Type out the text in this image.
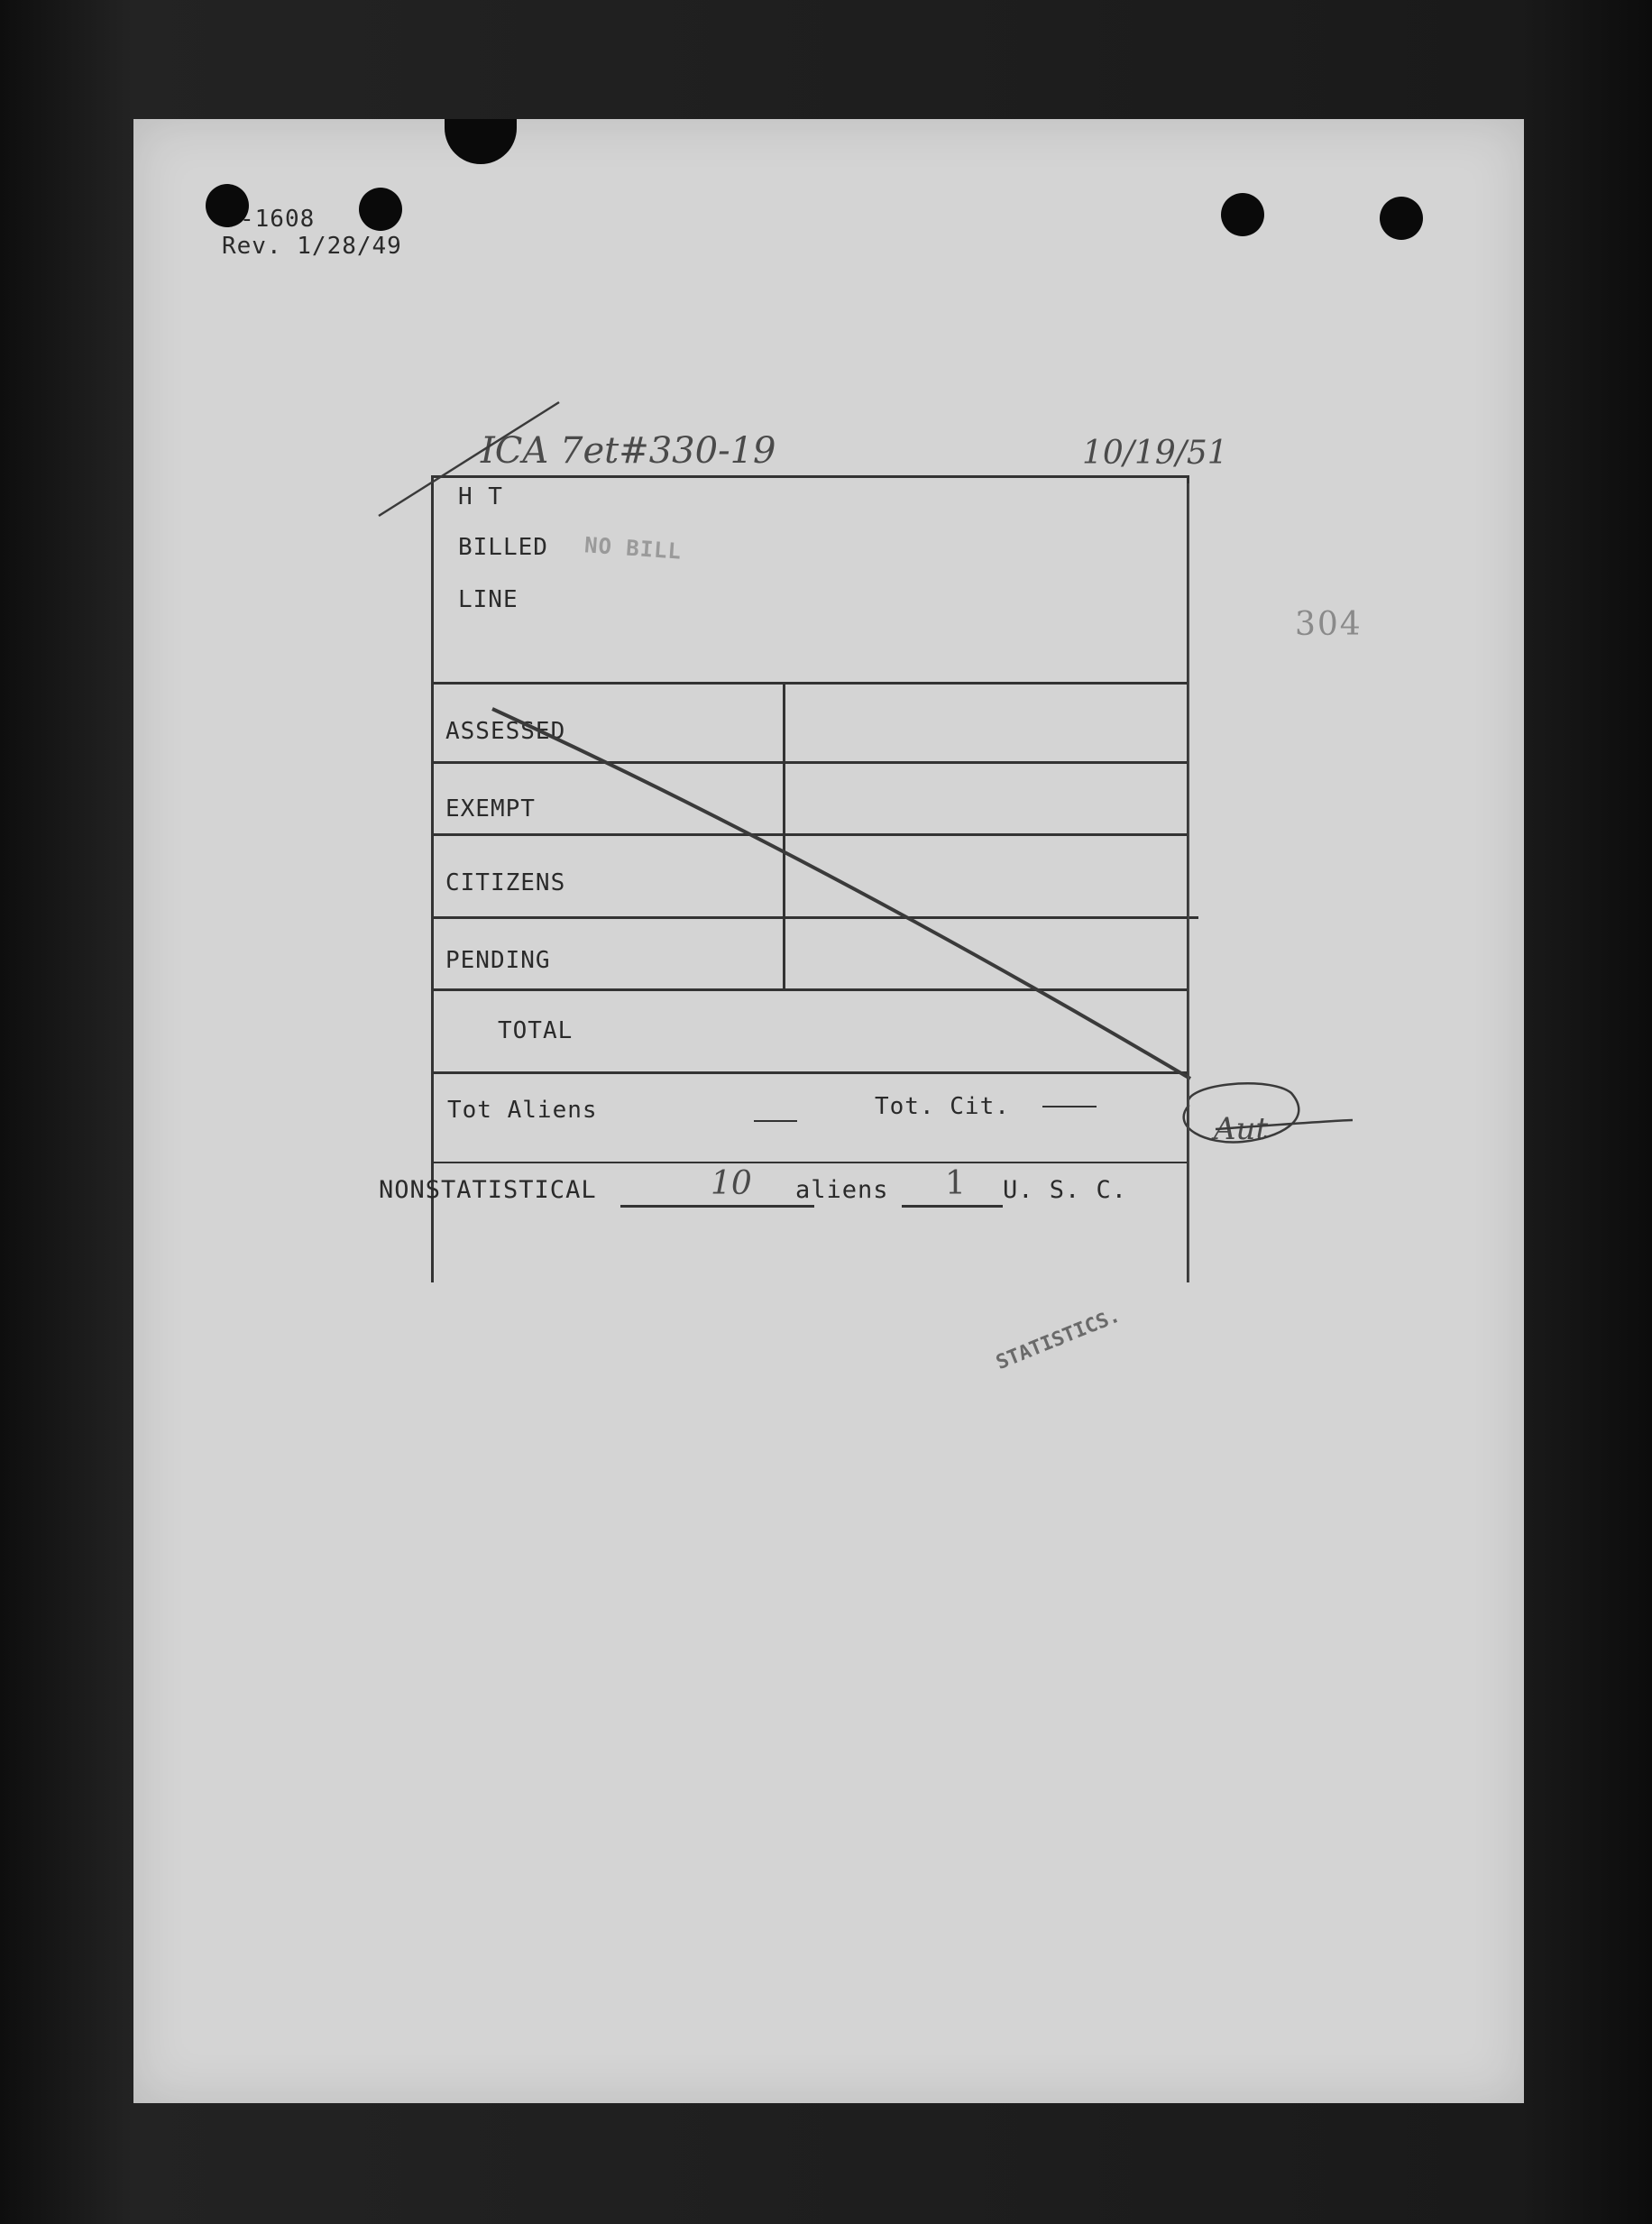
-1608
Rev. 1/28/49
ICA 7et#330-19	10/19/51
304
H T
BILLED NO BILL
LINE
ASSESSED
EXEMPT
CITIZENS
PENDING
TOTAL
Tot Aliens	Tot. Cit.
NONSTATISTICAL	10 aliens 1 U. S. C.
STATISTICS.
Aut
